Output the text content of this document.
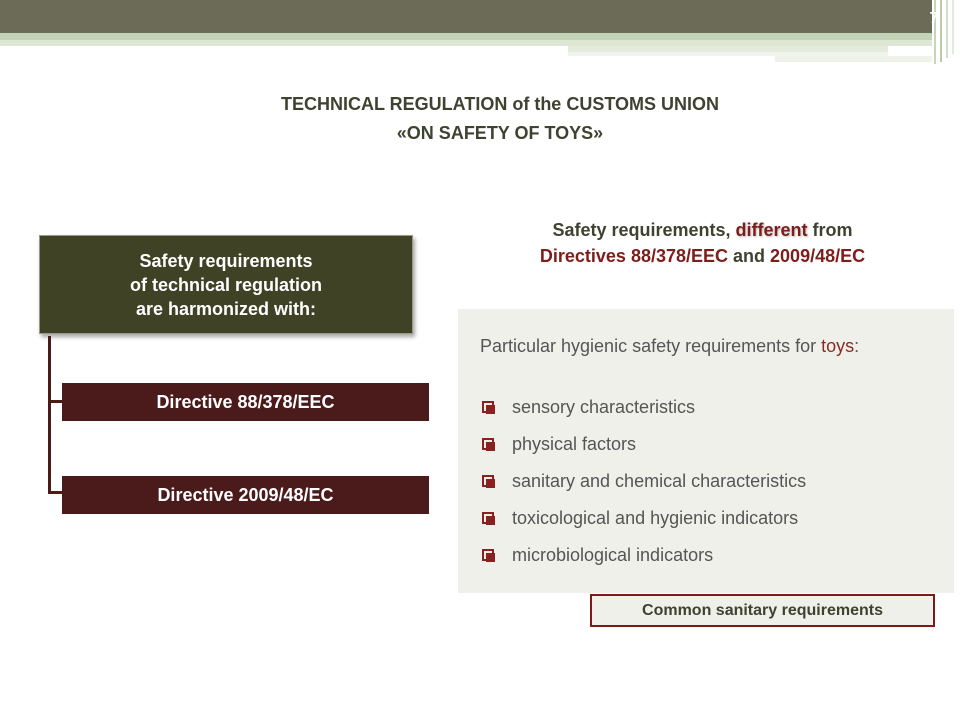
7
TECHNICAL REGULATION of the CUSTOMS UNION
«ON SAFETY OF TOYS»
Safety requirements
of technical regulation
are harmonized with:
Directive 88/378/EEC
Directive 2009/48/EC
Safety requirements, different from
Directives 88/378/EEC and 2009/48/EC
Particular hygienic safety requirements for toys:
sensory characteristics
physical factors
sanitary and chemical characteristics
toxicological and hygienic indicators
microbiological indicators
Common sanitary requirements
